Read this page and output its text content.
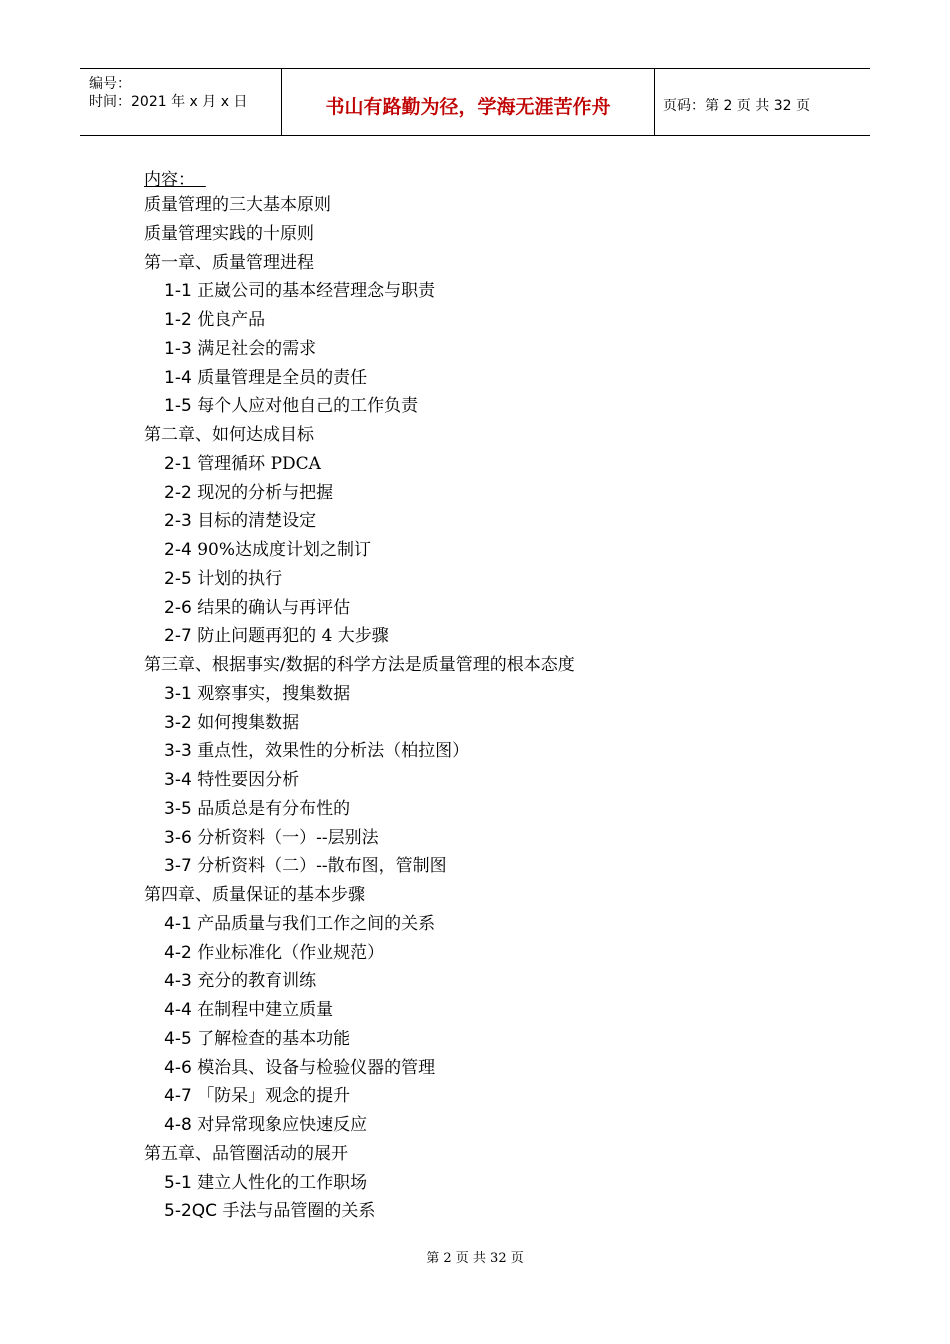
编号：
时间：2021 年 x 月 x 日	书山有路勤为径，学海无涯苦作舟	页码：第 2 页 共 32 页
内容：
质量管理的三大基本原则
质量管理实践的十原则
第一章、质量管理进程
1-1 正崴公司的基本经营理念与职责
1-2 优良产品
1-3 满足社会的需求
1-4 质量管理是全员的责任
1-5 每个人应对他自己的工作负责
第二章、如何达成目标
2-1 管理循环 PDCA
2-2 现况的分析与把握
2-3 目标的清楚设定
2-4 90%达成度计划之制订
2-5 计划的执行
2-6 结果的确认与再评估
2-7 防止问题再犯的 4 大步骤
第三章、根据事实/数据的科学方法是质量管理的根本态度
3-1 观察事实，搜集数据
3-2 如何搜集数据
3-3 重点性，效果性的分析法（柏拉图）
3-4 特性要因分析
3-5 品质总是有分布性的
3-6 分析资料（一）--层别法
3-7 分析资料（二）--散布图，管制图
第四章、质量保证的基本步骤
4-1 产品质量与我们工作之间的关系
4-2 作业标准化（作业规范）
4-3 充分的教育训练
4-4 在制程中建立质量
4-5 了解检查的基本功能
4-6 模治具、设备与检验仪器的管理
4-7 「防呆」观念的提升
4-8 对异常现象应快速反应
第五章、品管圈活动的展开
5-1 建立人性化的工作职场
5-2QC 手法与品管圈的关系
第 2 页 共 32 页
